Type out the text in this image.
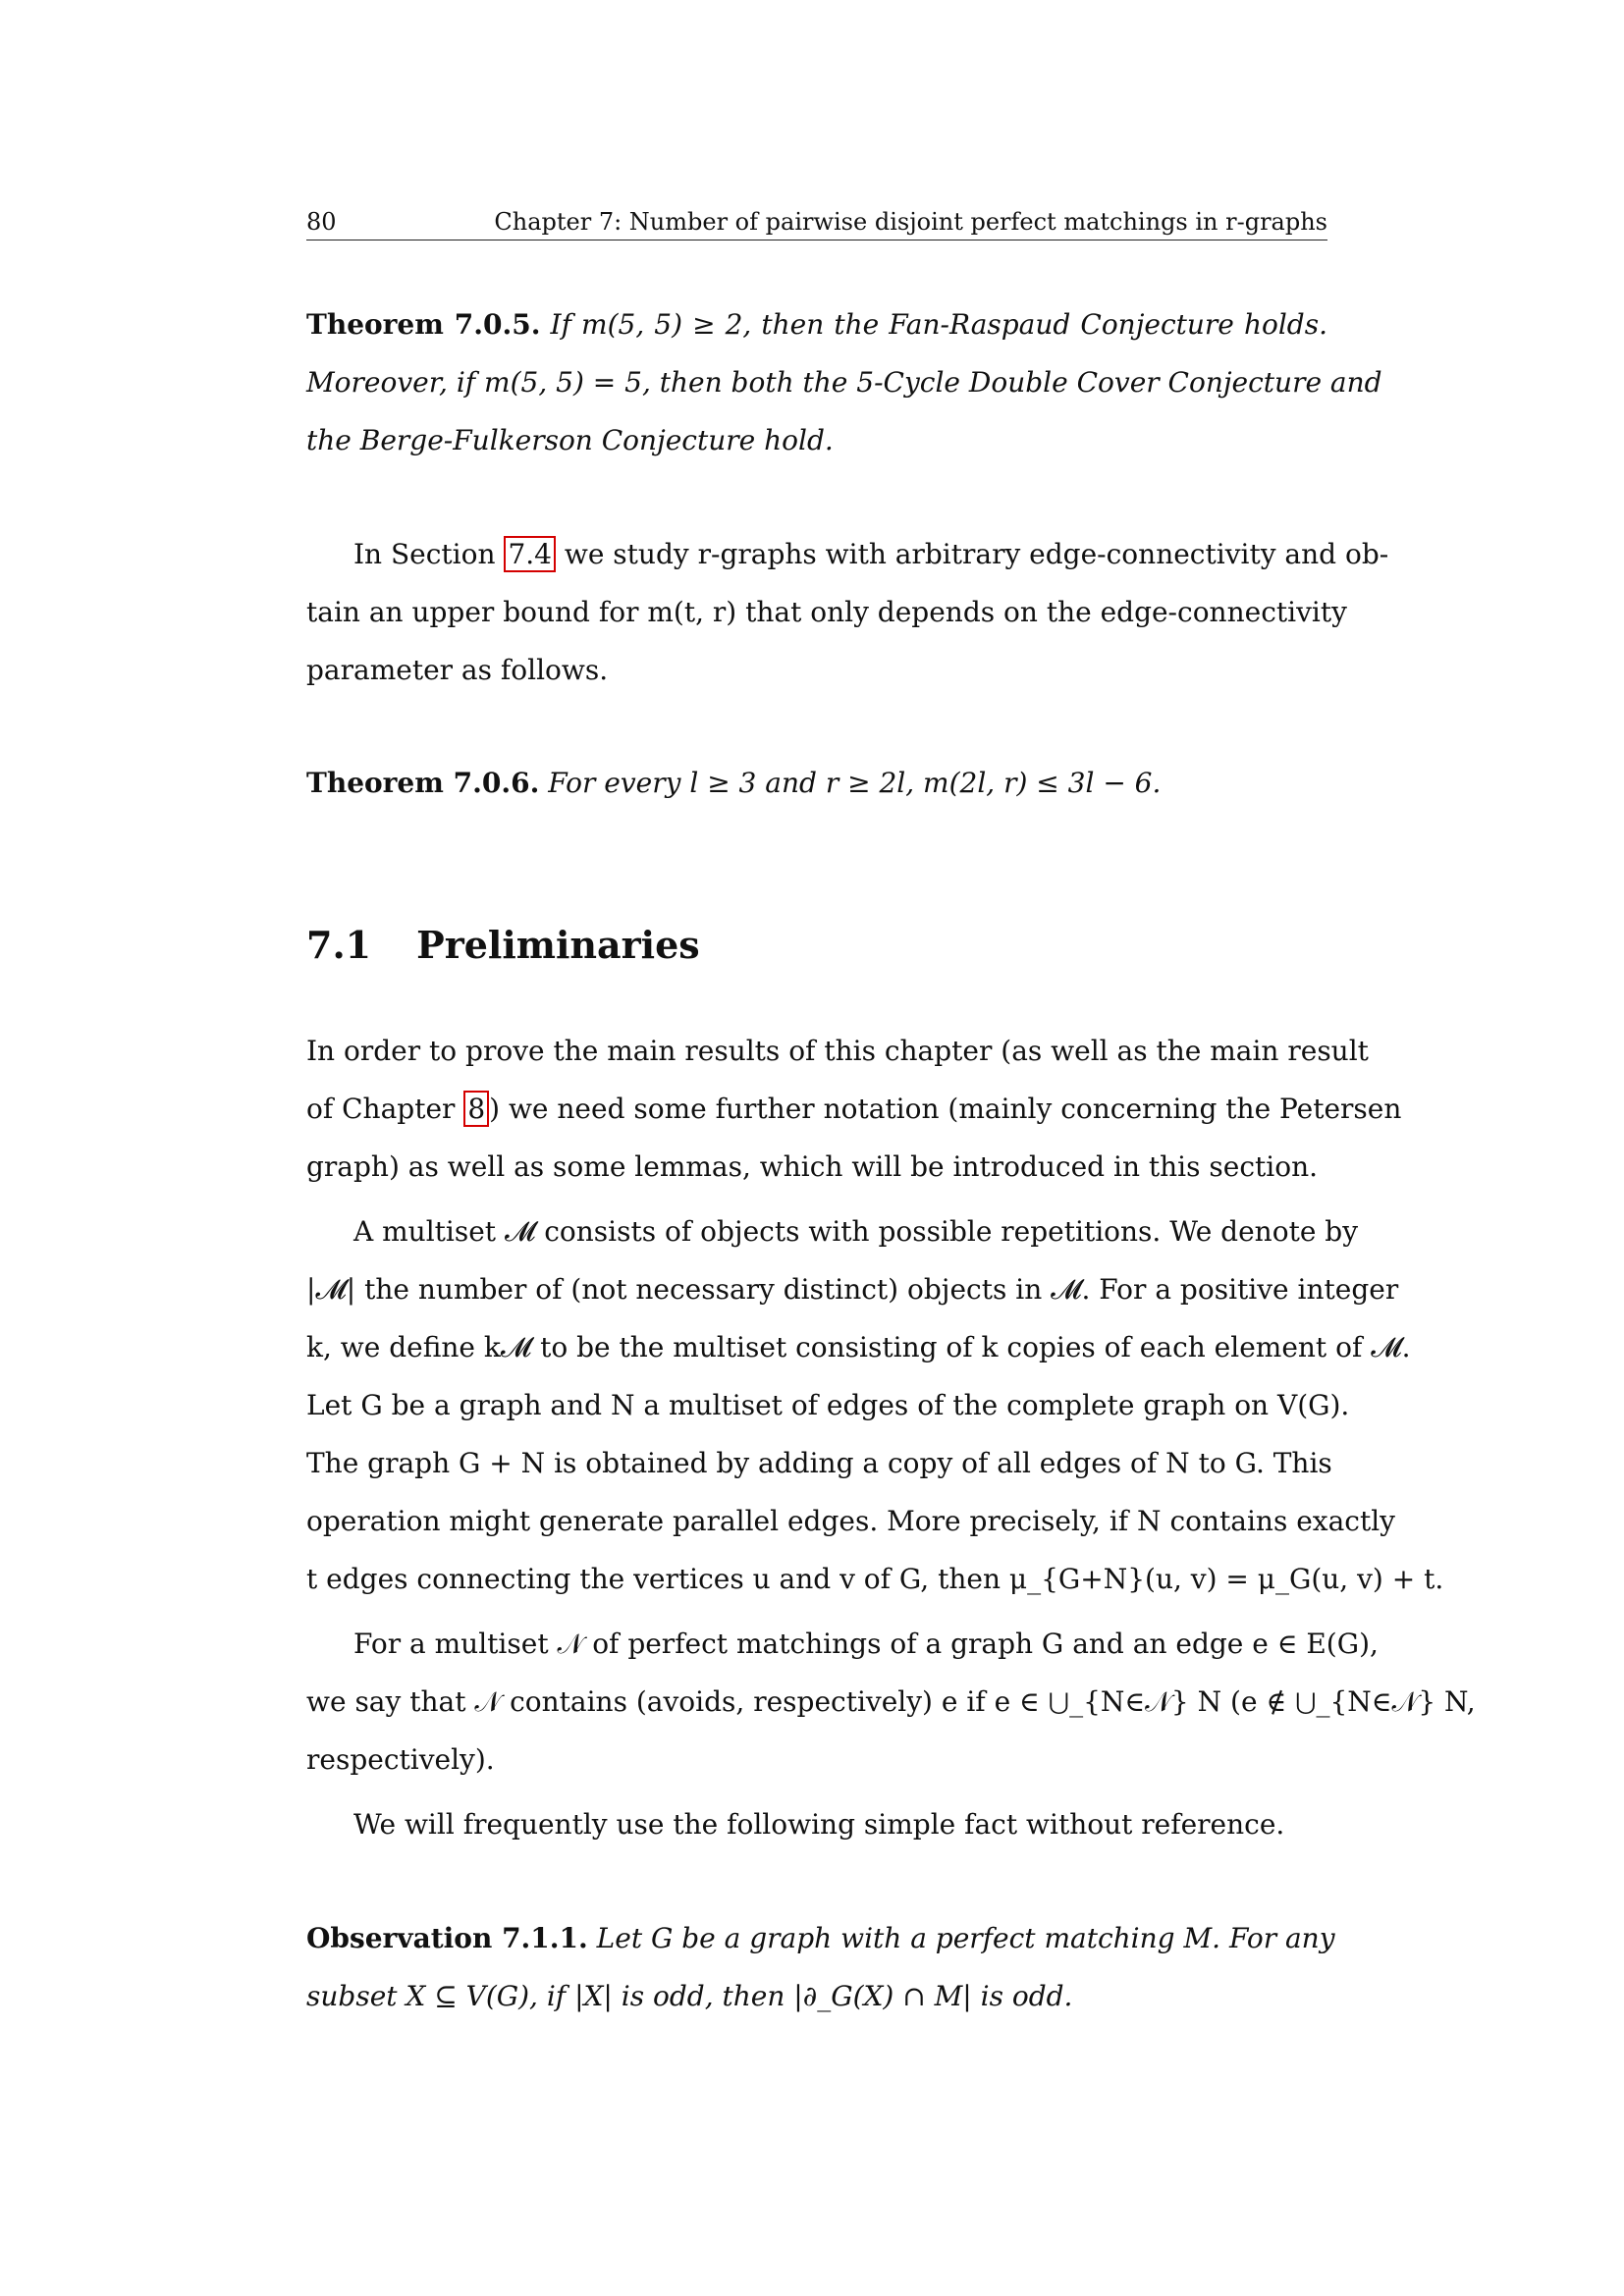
80	Chapter 7: Number of pairwise disjoint perfect matchings in r-graphs
Theorem 7.0.5. If m(5, 5) ≥ 2, then the Fan-Raspaud Conjecture holds.
Moreover, if m(5, 5) = 5, then both the 5-Cycle Double Cover Conjecture and
the Berge-Fulkerson Conjecture hold.
In Section 7.4 we study r-graphs with arbitrary edge-connectivity and ob-
tain an upper bound for m(t, r) that only depends on the edge-connectivity
parameter as follows.
Theorem 7.0.6. For every l ≥ 3 and r ≥ 2l, m(2l, r) ≤ 3l − 6.
7.1 Preliminaries
In order to prove the main results of this chapter (as well as the main result
of Chapter 8 ) we need some further notation (mainly concerning the Petersen
graph) as well as some lemmas, which will be introduced in this section.
A multiset 𝓜 consists of objects with possible repetitions. We denote by
|𝓜| the number of (not necessary distinct) objects in 𝓜. For a positive integer
k, we define k𝓜 to be the multiset consisting of k copies of each element of 𝓜.
Let G be a graph and N a multiset of edges of the complete graph on V(G).
The graph G + N is obtained by adding a copy of all edges of N to G. This
operation might generate parallel edges. More precisely, if N contains exactly
t edges connecting the vertices u and v of G, then μ_{G+N}(u, v) = μ_G(u, v) + t.
For a multiset 𝒩 of perfect matchings of a graph G and an edge e ∈ E(G),
we say that 𝒩 contains (avoids, respectively) e if e ∈ ⋃_{N∈𝒩} N (e ∉ ⋃_{N∈𝒩} N,
respectively).
We will frequently use the following simple fact without reference.
Observation 7.1.1. Let G be a graph with a perfect matching M. For any
subset X ⊆ V(G), if |X| is odd, then |∂_G(X) ∩ M| is odd.
